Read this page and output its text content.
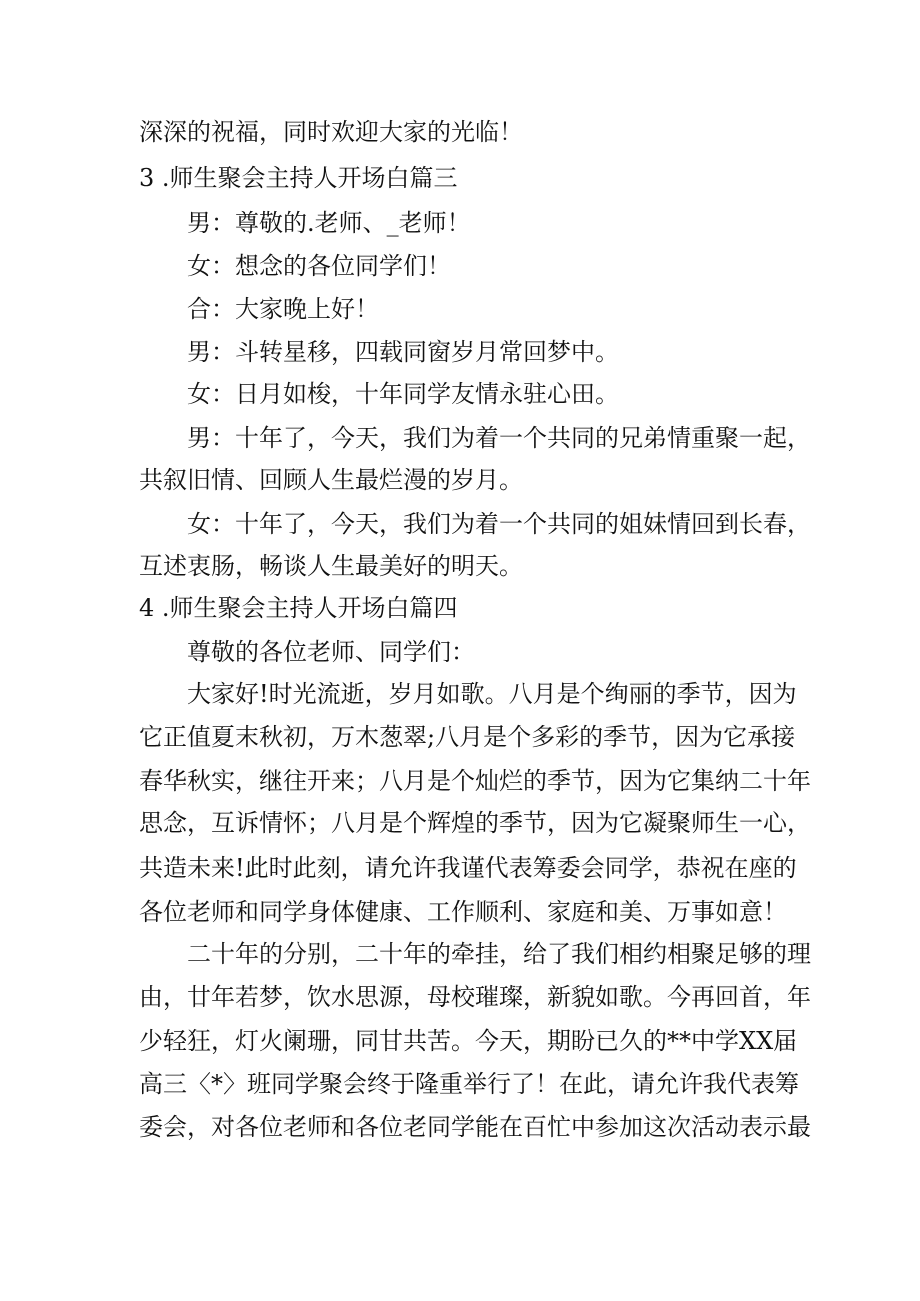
深深的祝福，同时欢迎大家的光临！
3 .师生聚会主持人开场白篇三
男：尊敬的.老师、_老师！
女：想念的各位同学们！
合：大家晚上好！
男：斗转星移，四载同窗岁月常回梦中。
女：日月如梭，十年同学友情永驻心田。
男：十年了，今天，我们为着一个共同的兄弟情重聚一起，
共叙旧情、回顾人生最烂漫的岁月。
女：十年了，今天，我们为着一个共同的姐妹情回到长春，
互述衷肠，畅谈人生最美好的明天。
4 .师生聚会主持人开场白篇四
尊敬的各位老师、同学们：
大家好!时光流逝，岁月如歌。八月是个绚丽的季节，因为
它正值夏末秋初，万木葱翠;八月是个多彩的季节，因为它承接
春华秋实，继往开来；八月是个灿烂的季节，因为它集纳二十年
思念，互诉情怀；八月是个辉煌的季节，因为它凝聚师生一心，
共造未来!此时此刻，请允许我谨代表筹委会同学，恭祝在座的
各位老师和同学身体健康、工作顺利、家庭和美、万事如意！
二十年的分别，二十年的牵挂，给了我们相约相聚足够的理
由，廿年若梦，饮水思源，母校璀璨，新貌如歌。今再回首，年
少轻狂，灯火阑珊，同甘共苦。今天，期盼已久的**中学XX届
高三〈*〉班同学聚会终于隆重举行了！在此，请允许我代表筹
委会，对各位老师和各位老同学能在百忙中参加这次活动表示最
